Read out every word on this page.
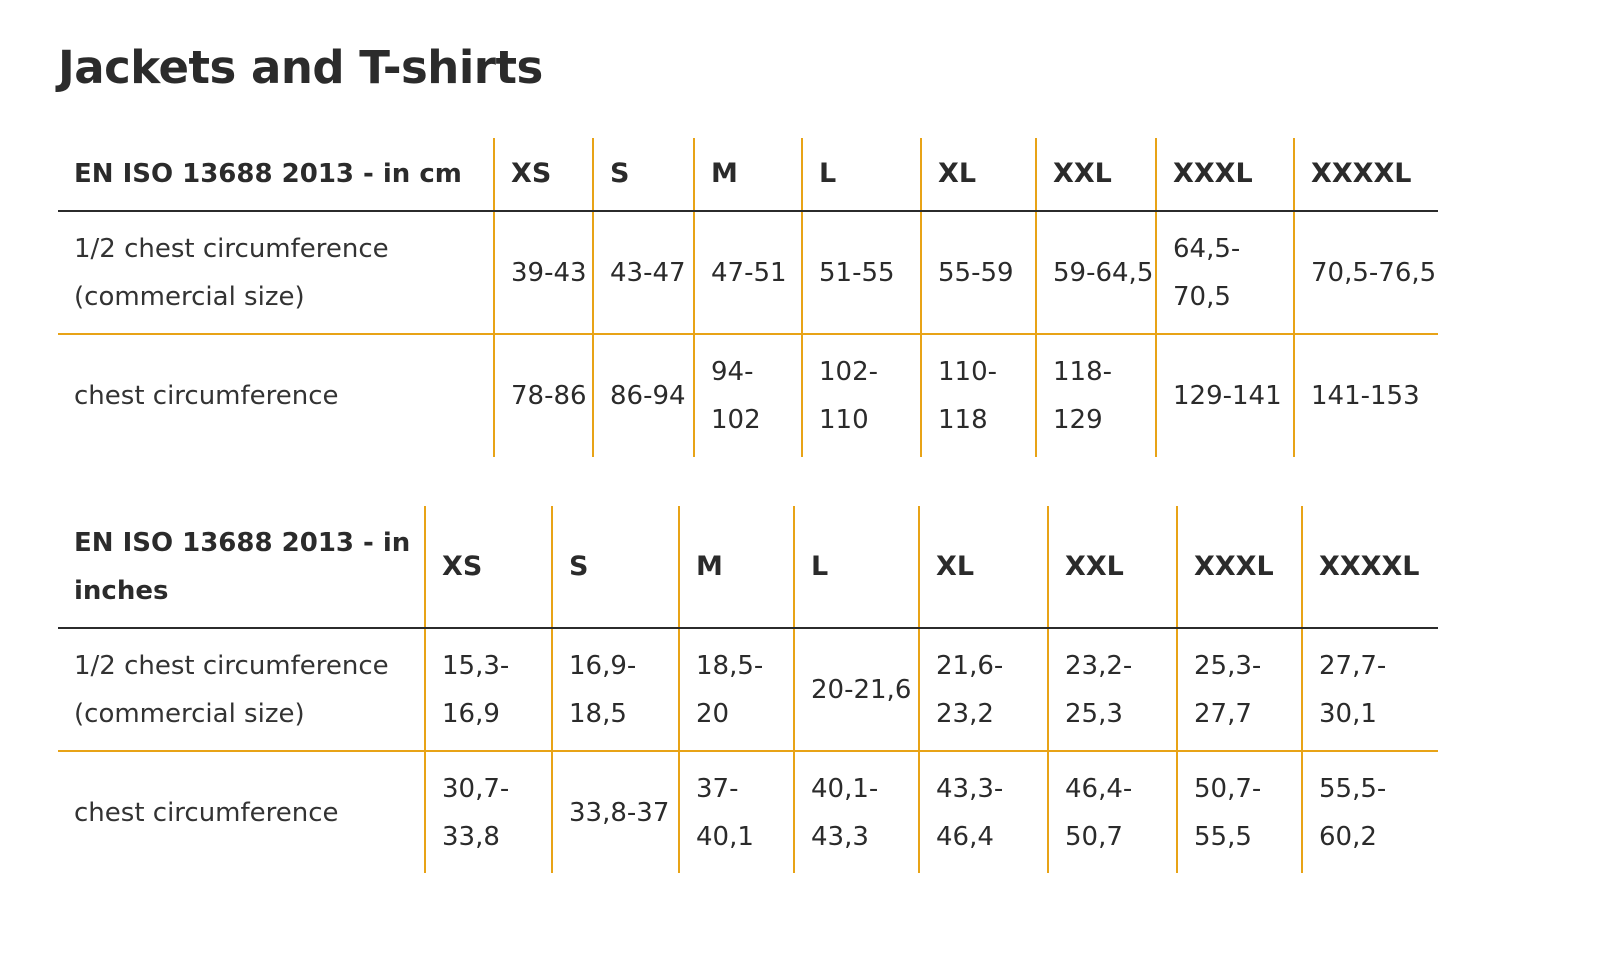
Jackets and T-shirts
EN ISO 13688 2013 - in cm	XS	S	M	L	XL	XXL	XXXL	XXXXL
1/2 chest circumference (commercial size)	39-43	43-47	47-51	51-55	55-59	59-64,5	64,5-70,5	70,5-76,5
chest circumference	78-86	86-94	94-102	102-110	110-118	118-129	129-141	141-153
EN ISO 13688 2013 - in inches	XS	S	M	L	XL	XXL	XXXL	XXXXL
1/2 chest circumference (commercial size)	15,3-16,9	16,9-18,5	18,5-20	20-21,6	21,6-23,2	23,2-25,3	25,3-27,7	27,7-30,1
chest circumference	30,7-33,8	33,8-37	37-40,1	40,1-43,3	43,3-46,4	46,4-50,7	50,7-55,5	55,5-60,2
